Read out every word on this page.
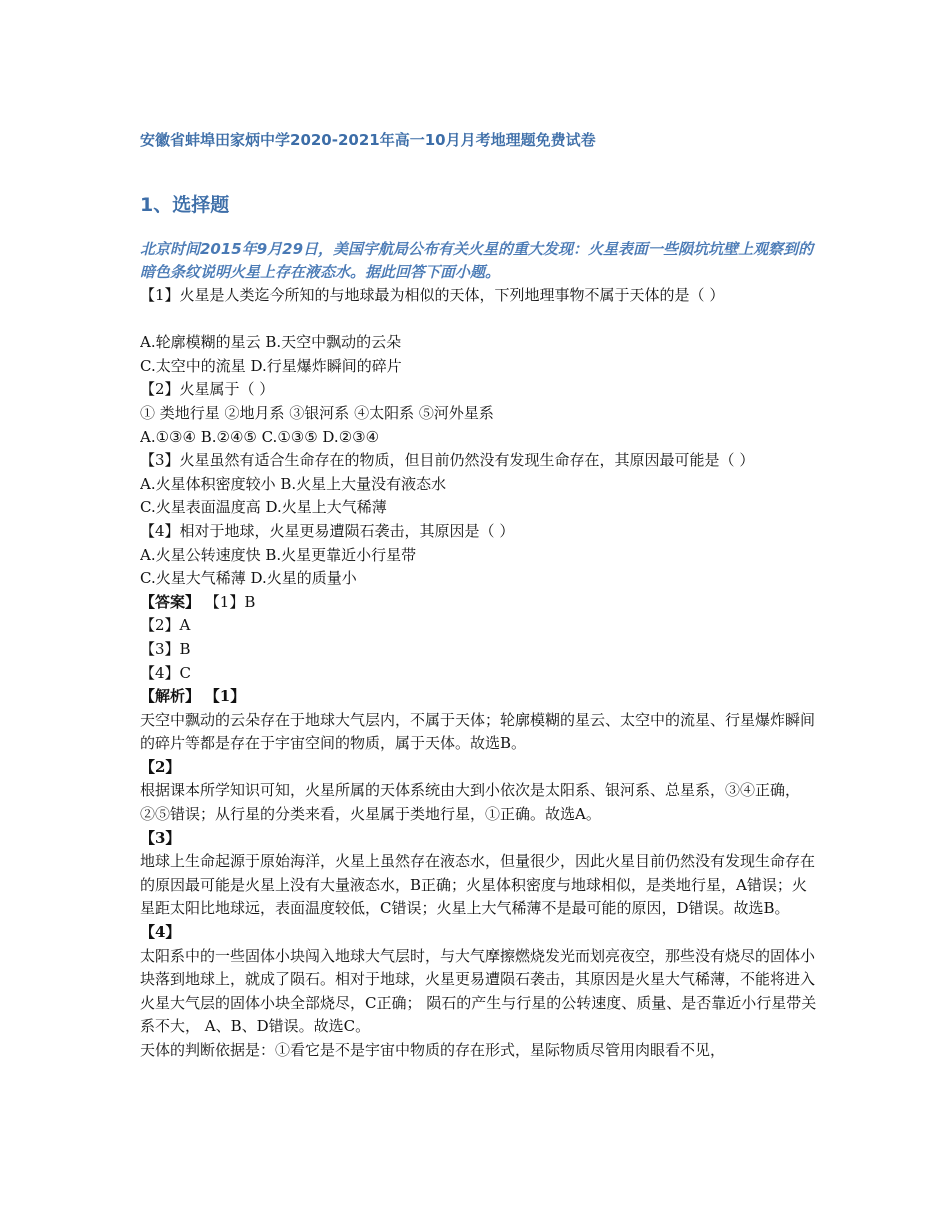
安徽省蚌埠田家炳中学2020-2021年高一10月月考地理题免费试卷
1、选择题
北京时间2015年9月29日，美国宇航局公布有关火星的重大发现：火星表面一些陨坑坑壁上观察到的暗色条纹说明火星上存在液态水。据此回答下面小题。
【1】火星是人类迄今所知的与地球最为相似的天体，下列地理事物不属于天体的是（ ）
A.轮廓模糊的星云 B.天空中飘动的云朵
C.太空中的流星 D.行星爆炸瞬间的碎片
【2】火星属于（ ）
① 类地行星 ②地月系 ③银河系 ④太阳系 ⑤河外星系
A.①③④ B.②④⑤ C.①③⑤ D.②③④
【3】火星虽然有适合生命存在的物质，但目前仍然没有发现生命存在，其原因最可能是（ ）
A.火星体积密度较小 B.火星上大量没有液态水
C.火星表面温度高 D.火星上大气稀薄
【4】相对于地球，火星更易遭陨石袭击，其原因是（ ）
A.火星公转速度快 B.火星更靠近小行星带
C.火星大气稀薄 D.火星的质量小
【答案】 【1】B
【2】A
【3】B
【4】C
【解析】 【1】
天空中飘动的云朵存在于地球大气层内，不属于天体；轮廓模糊的星云、太空中的流星、行星爆炸瞬间的碎片等都是存在于宇宙空间的物质，属于天体。故选B。
【2】
根据课本所学知识可知，火星所属的天体系统由大到小依次是太阳系、银河系、总星系，③④正确，②⑤错误；从行星的分类来看，火星属于类地行星，①正确。故选A。
【3】
地球上生命起源于原始海洋，火星上虽然存在液态水，但量很少，因此火星目前仍然没有发现生命存在的原因最可能是火星上没有大量液态水，B正确；火星体积密度与地球相似，是类地行星，A错误；火星距太阳比地球远，表面温度较低，C错误；火星上大气稀薄不是最可能的原因，D错误。故选B。
【4】
太阳系中的一些固体小块闯入地球大气层时，与大气摩擦燃烧发光而划亮夜空，那些没有烧尽的固体小块落到地球上，就成了陨石。相对于地球，火星更易遭陨石袭击，其原因是火星大气稀薄，不能将进入火星大气层的固体小块全部烧尽，C正确； 陨石的产生与行星的公转速度、质量、是否靠近小行星带关系不大， A、B、D错误。故选C。
天体的判断依据是：①看它是不是宇宙中物质的存在形式，星际物质尽管用肉眼看不见，
